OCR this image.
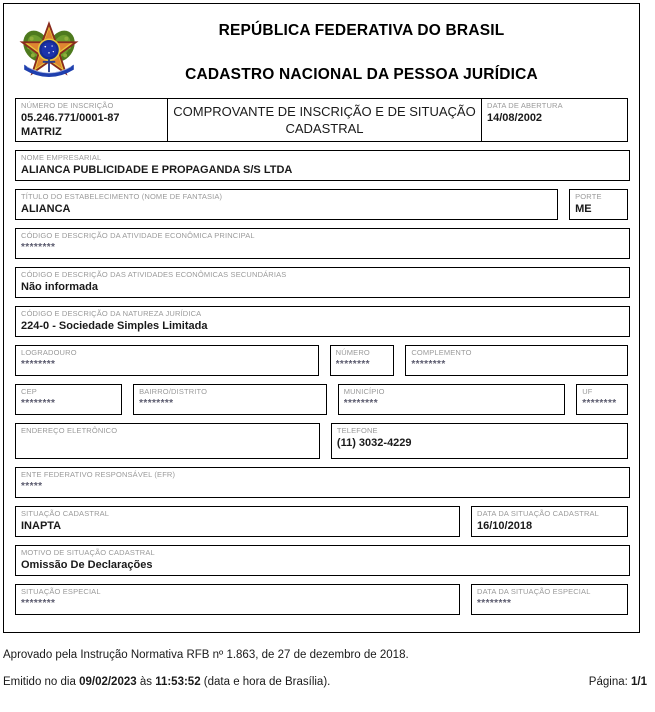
REPÚBLICA FEDERATIVA DO BRASIL
CADASTRO NACIONAL DA PESSOA JURÍDICA
NÚMERO DE INSCRIÇÃO
05.246.771/0001-87
MATRIZ
COMPROVANTE DE INSCRIÇÃO E DE SITUAÇÃO CADASTRAL
DATA DE ABERTURA
14/08/2002
NOME EMPRESARIAL
ALIANCA PUBLICIDADE E PROPAGANDA S/S LTDA
TÍTULO DO ESTABELECIMENTO (NOME DE FANTASIA)
ALIANCA
PORTE
ME
CÓDIGO E DESCRIÇÃO DA ATIVIDADE ECONÔMICA PRINCIPAL
********
CÓDIGO E DESCRIÇÃO DAS ATIVIDADES ECONÔMICAS SECUNDÁRIAS
Não informada
CÓDIGO E DESCRIÇÃO DA NATUREZA JURÍDICA
224-0 - Sociedade Simples Limitada
LOGRADOURO
********
NÚMERO
********
COMPLEMENTO
********
CEP
********
BAIRRO/DISTRITO
********
MUNICÍPIO
********
UF
********
ENDEREÇO ELETRÔNICO	TELEFONE
(11) 3032-4229
ENTE FEDERATIVO RESPONSÁVEL (EFR)
*****
SITUAÇÃO CADASTRAL
INAPTA
DATA DA SITUAÇÃO CADASTRAL
16/10/2018
MOTIVO DE SITUAÇÃO CADASTRAL
Omissão De Declarações
SITUAÇÃO ESPECIAL
********
DATA DA SITUAÇÃO ESPECIAL
********
Aprovado pela Instrução Normativa RFB nº 1.863, de 27 de dezembro de 2018.
Emitido no dia 09/02/2023 às 11:53:52 (data e hora de Brasília).	Página: 1/1
